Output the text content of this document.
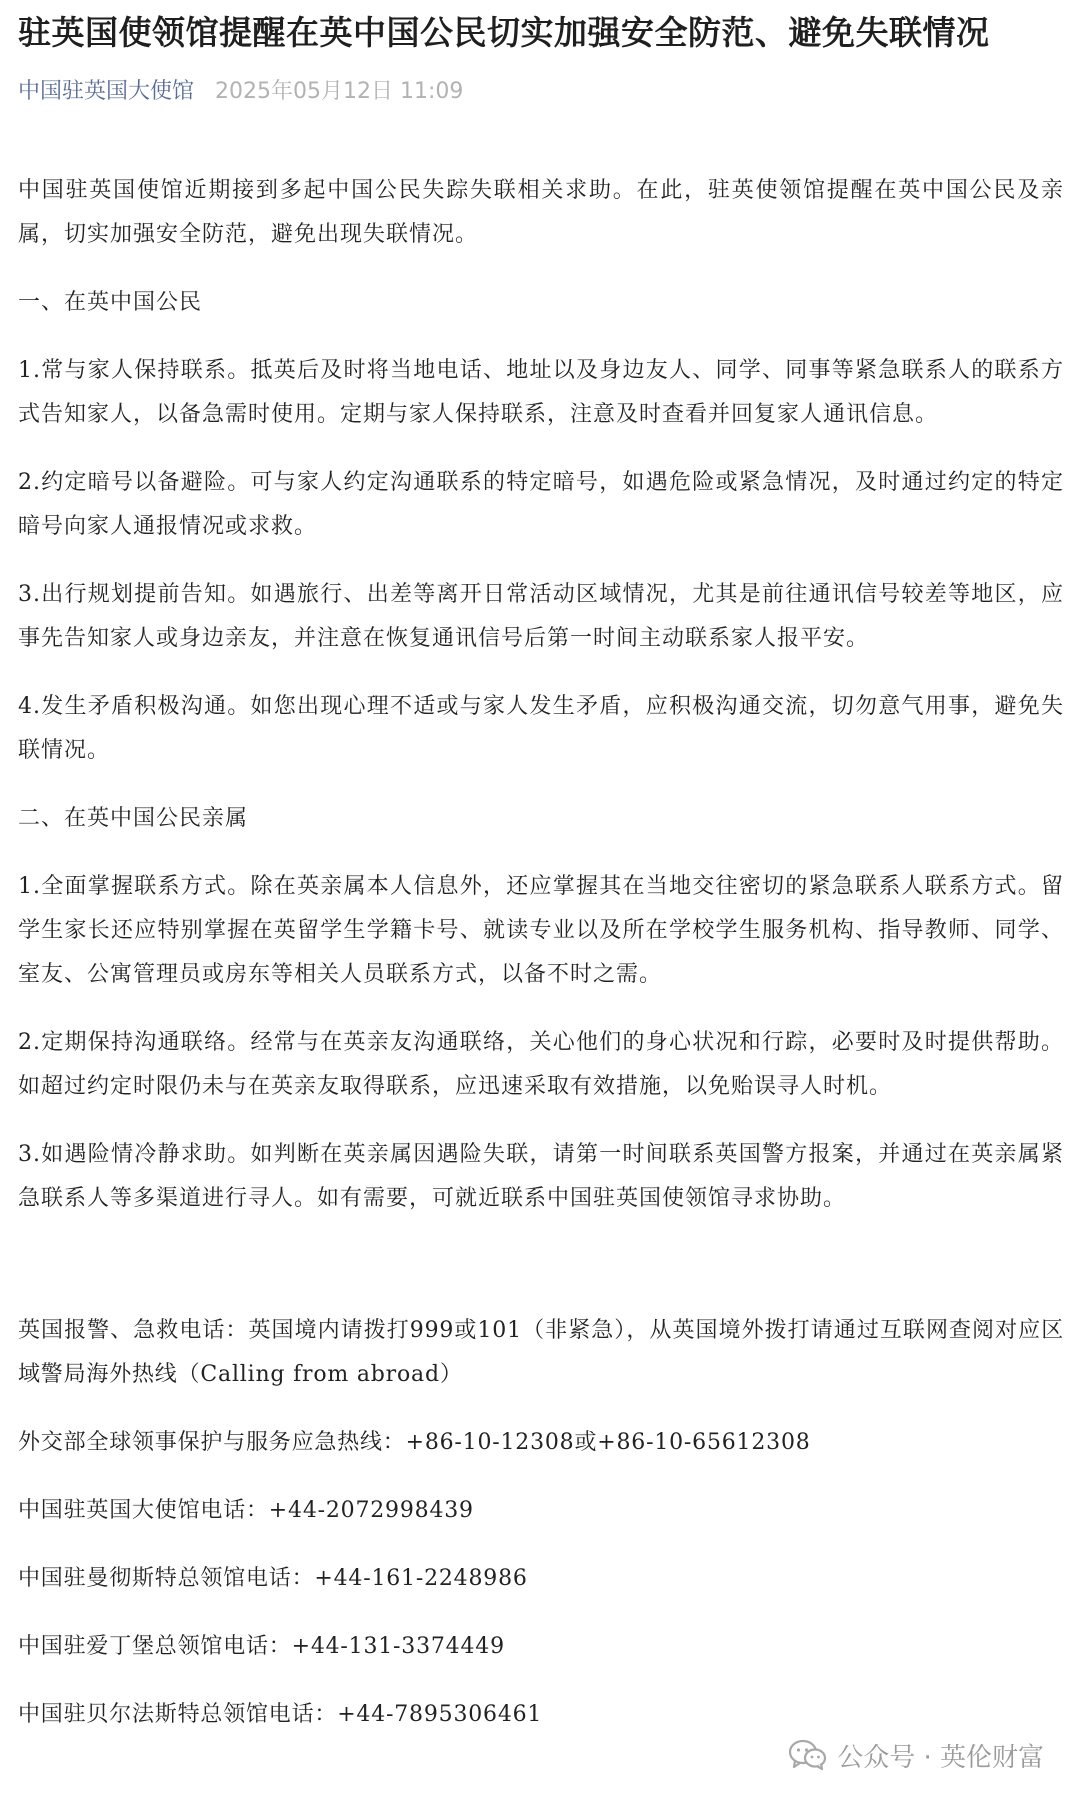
驻英国使领馆提醒在英中国公民切实加强安全防范、避免失联情况
中国驻英国大使馆 2025年05月12日 11:09

中国驻英国使馆近期接到多起中国公民失踪失联相关求助。在此，驻英使领馆提醒在英中国公民及亲属，切实加强安全防范，避免出现失联情况。

一、在英中国公民

1.常与家人保持联系。抵英后及时将当地电话、地址以及身边友人、同学、同事等紧急联系人的联系方式告知家人，以备急需时使用。定期与家人保持联系，注意及时查看并回复家人通讯信息。

2.约定暗号以备避险。可与家人约定沟通联系的特定暗号，如遇危险或紧急情况，及时通过约定的特定暗号向家人通报情况或求救。

3.出行规划提前告知。如遇旅行、出差等离开日常活动区域情况，尤其是前往通讯信号较差等地区，应事先告知家人或身边亲友，并注意在恢复通讯信号后第一时间主动联系家人报平安。

4.发生矛盾积极沟通。如您出现心理不适或与家人发生矛盾，应积极沟通交流，切勿意气用事，避免失联情况。

二、在英中国公民亲属

1.全面掌握联系方式。除在英亲属本人信息外，还应掌握其在当地交往密切的紧急联系人联系方式。留学生家长还应特别掌握在英留学生学籍卡号、就读专业以及所在学校学生服务机构、指导教师、同学、室友、公寓管理员或房东等相关人员联系方式，以备不时之需。

2.定期保持沟通联络。经常与在英亲友沟通联络，关心他们的身心状况和行踪，必要时及时提供帮助。如超过约定时限仍未与在英亲友取得联系，应迅速采取有效措施，以免贻误寻人时机。

3.如遇险情冷静求助。如判断在英亲属因遇险失联，请第一时间联系英国警方报案，并通过在英亲属紧急联系人等多渠道进行寻人。如有需要，可就近联系中国驻英国使领馆寻求协助。

英国报警、急救电话：英国境内请拨打999或101（非紧急），从英国境外拨打请通过互联网查阅对应区域警局海外热线（Calling from abroad）

外交部全球领事保护与服务应急热线：+86-10-12308或+86-10-65612308

中国驻英国大使馆电话：+44-2072998439

中国驻曼彻斯特总领馆电话：+44-161-2248986

中国驻爱丁堡总领馆电话：+44-131-3374449

中国驻贝尔法斯特总领馆电话：+44-7895306461

公众号 · 英伦财富
